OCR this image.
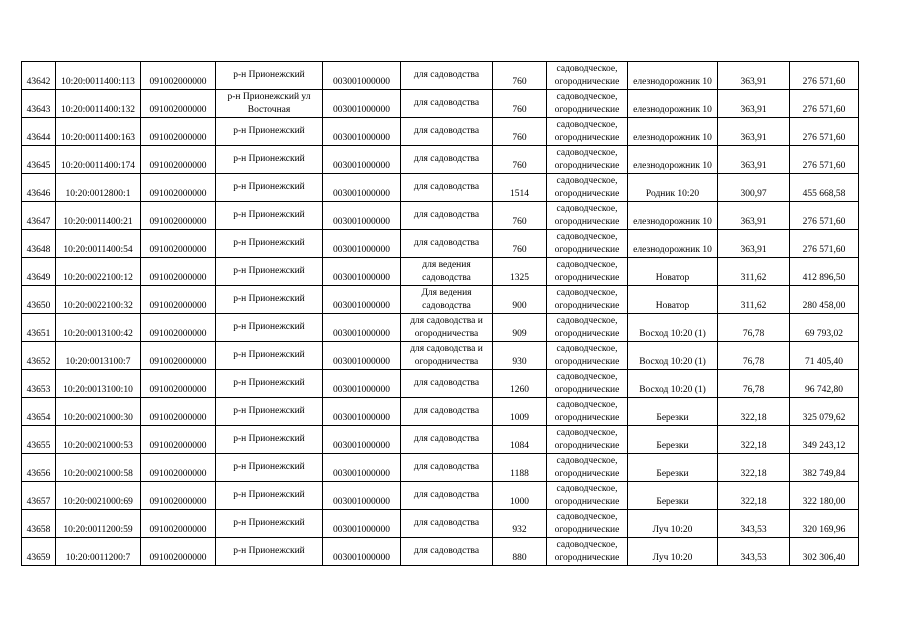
43642	10:20:0011400:113	091002000000	р-н Прионежский	003001000000	для садоводства	760	садоводческое,
огороднические	елезнодорожник 10	363,91	276 571,60
43643	10:20:0011400:132	091002000000	р-н Прионежский ул Восточная	003001000000	для садоводства	760	садоводческое,
огороднические	елезнодорожник 10	363,91	276 571,60
43644	10:20:0011400:163	091002000000	р-н Прионежский	003001000000	для садоводства	760	садоводческое,
огороднические	елезнодорожник 10	363,91	276 571,60
43645	10:20:0011400:174	091002000000	р-н Прионежский	003001000000	для садоводства	760	садоводческое,
огороднические	елезнодорожник 10	363,91	276 571,60
43646	10:20:0012800:1	091002000000	р-н Прионежский	003001000000	для садоводства	1514	садоводческое,
огороднические	Родник 10:20	300,97	455 668,58
43647	10:20:0011400:21	091002000000	р-н Прионежский	003001000000	для садоводства	760	садоводческое,
огороднические	елезнодорожник 10	363,91	276 571,60
43648	10:20:0011400:54	091002000000	р-н Прионежский	003001000000	для садоводства	760	садоводческое,
огороднические	елезнодорожник 10	363,91	276 571,60
43649	10:20:0022100:12	091002000000	р-н Прионежский	003001000000	для ведения садоводства	1325	садоводческое,
огороднические	Новатор	311,62	412 896,50
43650	10:20:0022100:32	091002000000	р-н Прионежский	003001000000	Для ведения садоводства	900	садоводческое,
огороднические	Новатор	311,62	280 458,00
43651	10:20:0013100:42	091002000000	р-н Прионежский	003001000000	для садоводства и огородничества	909	садоводческое,
огороднические	Восход 10:20 (1)	76,78	69 793,02
43652	10:20:0013100:7	091002000000	р-н Прионежский	003001000000	для садоводства и огородничества	930	садоводческое,
огороднические	Восход 10:20 (1)	76,78	71 405,40
43653	10:20:0013100:10	091002000000	р-н Прионежский	003001000000	для садоводства	1260	садоводческое,
огороднические	Восход 10:20 (1)	76,78	96 742,80
43654	10:20:0021000:30	091002000000	р-н Прионежский	003001000000	для садоводства	1009	садоводческое,
огороднические	Березки	322,18	325 079,62
43655	10:20:0021000:53	091002000000	р-н Прионежский	003001000000	для садоводства	1084	садоводческое,
огороднические	Березки	322,18	349 243,12
43656	10:20:0021000:58	091002000000	р-н Прионежский	003001000000	для садоводства	1188	садоводческое,
огороднические	Березки	322,18	382 749,84
43657	10:20:0021000:69	091002000000	р-н Прионежский	003001000000	для садоводства	1000	садоводческое,
огороднические	Березки	322,18	322 180,00
43658	10:20:0011200:59	091002000000	р-н Прионежский	003001000000	для садоводства	932	садоводческое,
огороднические	Луч 10:20	343,53	320 169,96
43659	10:20:0011200:7	091002000000	р-н Прионежский	003001000000	для садоводства	880	садоводческое,
огороднические	Луч 10:20	343,53	302 306,40
